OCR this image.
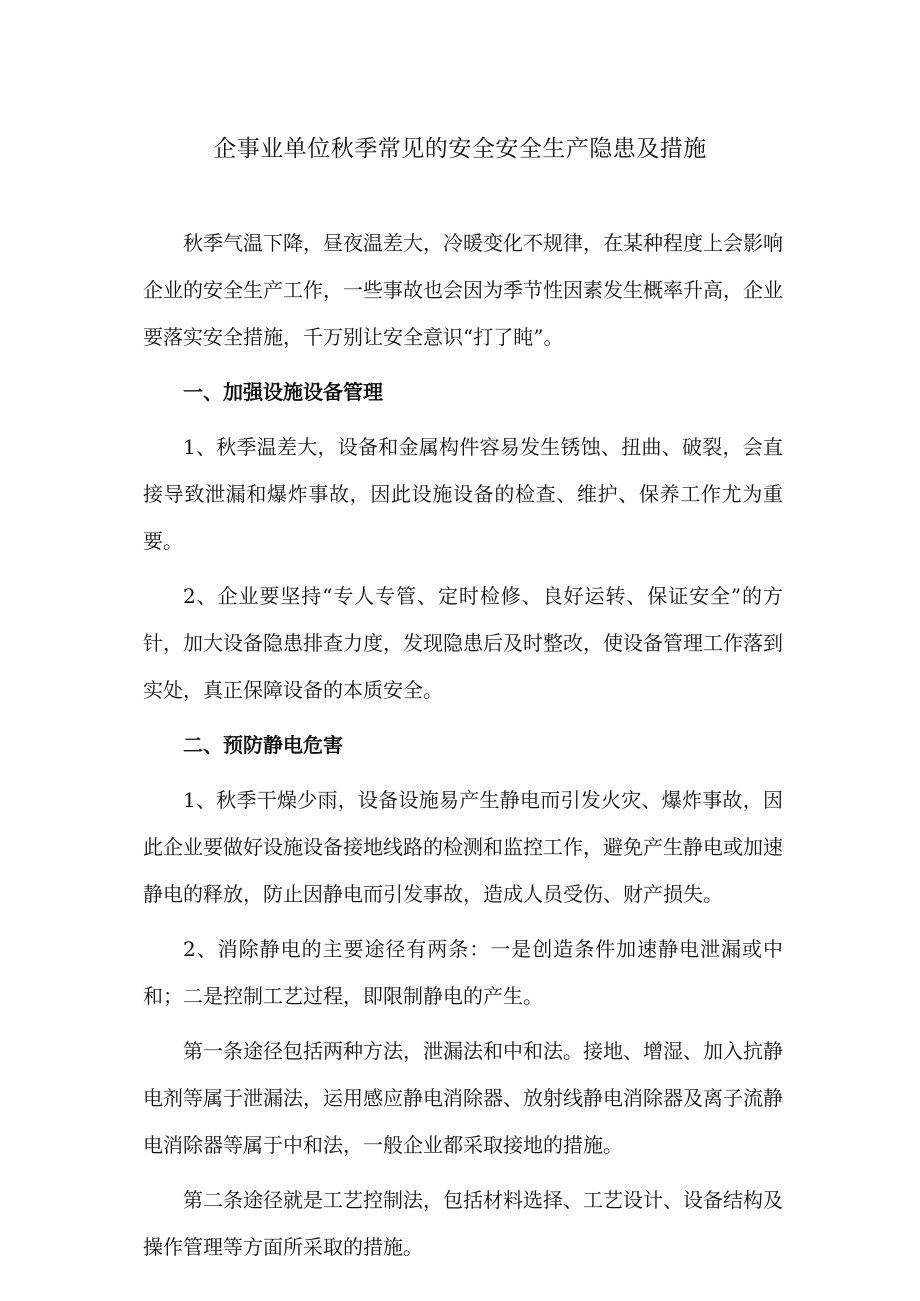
企事业单位秋季常见的安全安全生产隐患及措施

秋季气温下降，昼夜温差大，冷暖变化不规律，在某种程度上会影响企业的安全生产工作，一些事故也会因为季节性因素发生概率升高，企业要落实安全措施，千万别让安全意识“打了盹”。

一、加强设施设备管理

1、秋季温差大，设备和金属构件容易发生锈蚀、扭曲、破裂，会直接导致泄漏和爆炸事故，因此设施设备的检查、维护、保养工作尤为重要。

2、企业要坚持“专人专管、定时检修、良好运转、保证安全”的方针，加大设备隐患排查力度，发现隐患后及时整改，使设备管理工作落到实处，真正保障设备的本质安全。

二、预防静电危害

1、秋季干燥少雨，设备设施易产生静电而引发火灾、爆炸事故，因此企业要做好设施设备接地线路的检测和监控工作，避免产生静电或加速静电的释放，防止因静电而引发事故，造成人员受伤、财产损失。

2、消除静电的主要途径有两条：一是创造条件加速静电泄漏或中和；二是控制工艺过程，即限制静电的产生。

第一条途径包括两种方法，泄漏法和中和法。接地、增湿、加入抗静电剂等属于泄漏法，运用感应静电消除器、放射线静电消除器及离子流静电消除器等属于中和法，一般企业都采取接地的措施。

第二条途径就是工艺控制法，包括材料选择、工艺设计、设备结构及操作管理等方面所采取的措施。
